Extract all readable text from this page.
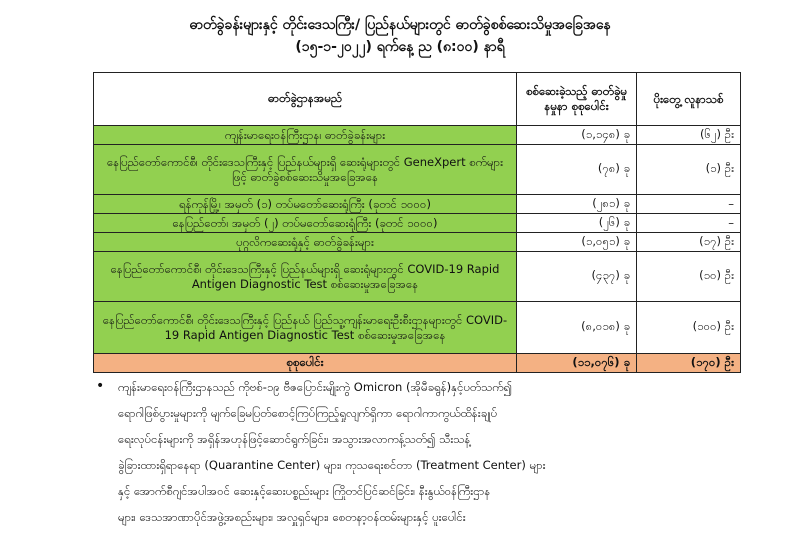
ဓာတ်ခွဲခန်းများနှင့် တိုင်းဒေသကြီး/ ပြည်နယ်များတွင် ဓာတ်ခွဲစစ်ဆေးသိမှုအခြေအနေ
(၁၅-၁-၂၀၂၂) ရက်နေ့ ည (၈:၀၀) နာရီ
ဓာတ်ခွဲဌာနအမည်	စစ်ဆေးခဲ့သည့် ဓာတ်ခွဲမှုနမှုနာ စုစုပေါင်း	ပိုးတွေ့ လူနာသစ်
ကျန်းမာရေးဝန်ကြီးဌာန၊ ဓာတ်ခွဲခန်းများ	(၁,၁၄၈) ခု	(၆၂) ဦး
နေပြည်တော်ကောင်စီ၊ တိုင်းဒေသကြီးနှင့် ပြည်နယ်များရှိ ဆေးရုံများတွင် GeneXpert စက်များဖြင့် ဓာတ်ခွဲစစ်ဆေးသိမှုအခြေအနေ	(၇၈) ခု	(၁) ဦး
ရန်ကုန်မြို့၊ အမှတ် (၁) တပ်မတော်ဆေးရုံကြီး (ခုတင် ၁၀၀၀)	(၂၈၁) ခု	–
နေပြည်တော်၊ အမှတ် (၂) တပ်မတော်ဆေးရုံကြီး (ခုတင် ၁၀၀၀)	(၂၆) ခု	–
ပုဂ္ဂလိကဆေးရုံနှင့် ဓာတ်ခွဲခန်းများ	(၁,၀၅၁) ခု	(၁၇) ဦး
နေပြည်တော်ကောင်စီ၊ တိုင်းဒေသကြီးနှင့် ပြည်နယ်များရှိ ဆေးရုံများတွင် COVID-19 Rapid Antigen Diagnostic Test စစ်ဆေးမှုအခြေအနေ	(၄၃၇) ခု	(၁၀) ဦး
နေပြည်တော်ကောင်စီ၊ တိုင်းဒေသကြီးနှင့် ပြည်နယ် ပြည်သူ့ကျန်းမာရေးဦးစီးဌာနများတွင် COVID-19 Rapid Antigen Diagnostic Test စစ်ဆေးမှုအခြေအနေ	(၈,၀၁၈) ခု	(၁၀၀) ဦး
စုစုပေါင်း	(၁၁,၀၇၆) ခု	(၁၇၀) ဦး
• ကျန်းမာရေးဝန်ကြီးဌာနသည် ကိုဗစ်-၁၉ ဗီဇပြောင်းမျိုးကွဲ Omicron (အိုမီခရွန်)နှင့်ပတ်သက်၍
ရောဂါဖြစ်ပွားမှုများကို မျက်ခြေမပြတ်စောင့်ကြပ်ကြည့်ရှုလျက်ရှိကာ ရောဂါကာကွယ်ထိန်းချုပ်
ရေးလုပ်ငန်းများကို အရှိန်အဟုန်ဖြင့်ဆောင်ရွက်ခြင်း၊ အသွားအလာကန့်သတ်၍ သီးသန့်
ခွဲခြားထားရှိရာနေရာ (Quarantine Center) များ၊ ကုသရေးစင်တာ (Treatment Center) များ
နှင့် အောက်စီဂျင်အပါအဝင် ဆေးနှင့်ဆေးပစ္စည်းများ ကြိုတင်ပြင်ဆင်ခြင်း၊ နီးနွယ်ဝန်ကြီးဌာန
များ၊ ဒေသအာဏာပိုင်အဖွဲ့အစည်းများ၊ အလှူရှင်များ၊ စေတနာ့ဝန်ထမ်းများနှင့် ပူးပေါင်း
